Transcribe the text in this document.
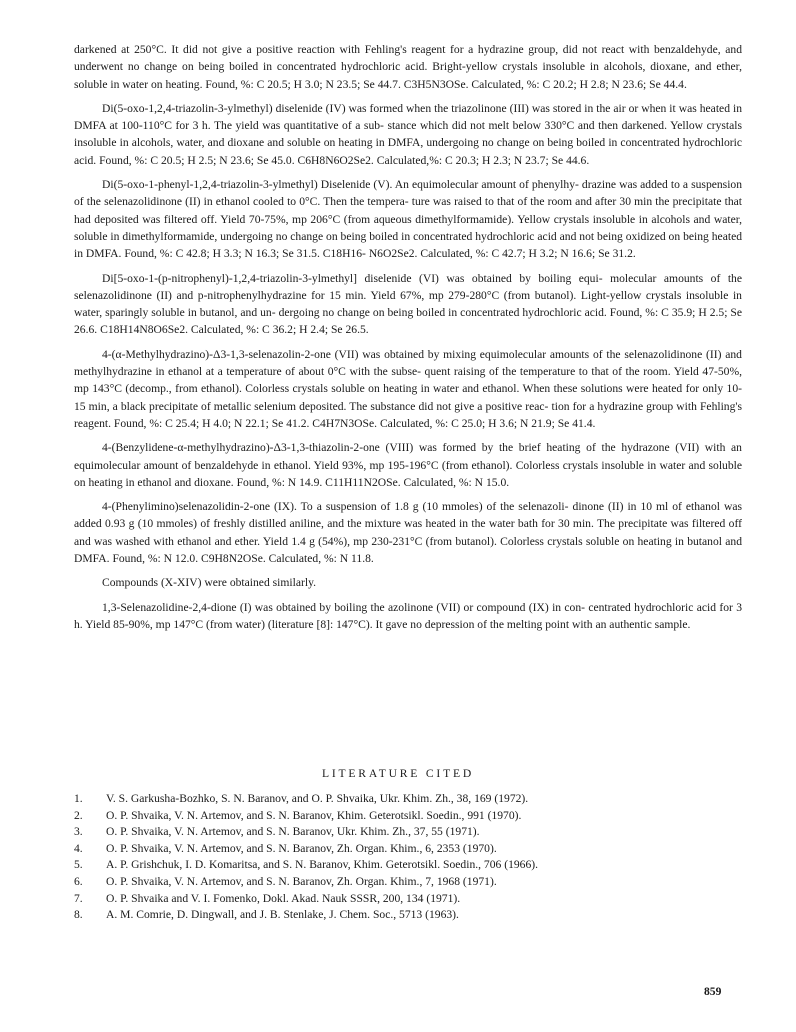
darkened at 250°C. It did not give a positive reaction with Fehling's reagent for a hydrazine group, did not react with benzaldehyde, and underwent no change on being boiled in concentrated hydrochloric acid. Bright-yellow crystals insoluble in alcohols, dioxane, and ether, soluble in water on heating. Found, %: C 20.5; H 3.0; N 23.5; Se 44.7. C3H5N3OSe. Calculated, %: C 20.2; H 2.8; N 23.6; Se 44.4.

Di(5-oxo-1,2,4-triazolin-3-ylmethyl) diselenide (IV) was formed when the triazolinone (III) was stored in the air or when it was heated in DMFA at 100-110°C for 3 h. The yield was quantitative of a sub- stance which did not melt below 330°C and then darkened. Yellow crystals insoluble in alcohols, water, and dioxane and soluble on heating in DMFA, undergoing no change on being boiled in concentrated hydrochloric acid. Found, %: C 20.5; H 2.5; N 23.6; Se 45.0. C6H8N6O2Se2. Calculated,%: C 20.3; H 2.3; N 23.7; Se 44.6.

Di(5-oxo-1-phenyl-1,2,4-triazolin-3-ylmethyl) Diselenide (V). An equimolecular amount of phenylhy- drazine was added to a suspension of the selenazolidinone (II) in ethanol cooled to 0°C. Then the tempera- ture was raised to that of the room and after 30 min the precipitate that had deposited was filtered off. Yield 70-75%, mp 206°C (from aqueous dimethylformamide). Yellow crystals insoluble in alcohols and water, soluble in dimethylformamide, undergoing no change on being boiled in concentrated hydrochloric acid and not being oxidized on being heated in DMFA. Found, %: C 42.8; H 3.3; N 16.3; Se 31.5. C18H16- N6O2Se2. Calculated, %: C 42.7; H 3.2; N 16.6; Se 31.2.

Di[5-oxo-1-(p-nitrophenyl)-1,2,4-triazolin-3-ylmethyl] diselenide (VI) was obtained by boiling equi- molecular amounts of the selenazolidinone (II) and p-nitrophenylhydrazine for 15 min. Yield 67%, mp 279-280°C (from butanol). Light-yellow crystals insoluble in water, sparingly soluble in butanol, and un- dergoing no change on being boiled in concentrated hydrochloric acid. Found, %: C 35.9; H 2.5; Se 26.6. C18H14N8O6Se2. Calculated, %: C 36.2; H 2.4; Se 26.5.

4-(α-Methylhydrazino)-Δ3-1,3-selenazolin-2-one (VII) was obtained by mixing equimolecular amounts of the selenazolidinone (II) and methylhydrazine in ethanol at a temperature of about 0°C with the subse- quent raising of the temperature to that of the room. Yield 47-50%, mp 143°C (decomp., from ethanol). Colorless crystals soluble on heating in water and ethanol. When these solutions were heated for only 10-15 min, a black precipitate of metallic selenium deposited. The substance did not give a positive reac- tion for a hydrazine group with Fehling's reagent. Found, %: C 25.4; H 4.0; N 22.1; Se 41.2. C4H7N3OSe. Calculated, %: C 25.0; H 3.6; N 21.9; Se 41.4.

4-(Benzylidene-α-methylhydrazino)-Δ3-1,3-thiazolin-2-one (VIII) was formed by the brief heating of the hydrazone (VII) with an equimolecular amount of benzaldehyde in ethanol. Yield 93%, mp 195-196°C (from ethanol). Colorless crystals insoluble in water and soluble on heating in ethanol and dioxane. Found, %: N 14.9. C11H11N2OSe. Calculated, %: N 15.0.

4-(Phenylimino)selenazolidin-2-one (IX). To a suspension of 1.8 g (10 mmoles) of the selenazoli- dinone (II) in 10 ml of ethanol was added 0.93 g (10 mmoles) of freshly distilled aniline, and the mixture was heated in the water bath for 30 min. The precipitate was filtered off and was washed with ethanol and ether. Yield 1.4 g (54%), mp 230-231°C (from butanol). Colorless crystals soluble on heating in butanol and DMFA. Found, %: N 12.0. C9H8N2OSe. Calculated, %: N 11.8.

Compounds (X-XIV) were obtained similarly.

1,3-Selenazolidine-2,4-dione (I) was obtained by boiling the azolinone (VII) or compound (IX) in con- centrated hydrochloric acid for 3 h. Yield 85-90%, mp 147°C (from water) (literature [8]: 147°C). It gave no depression of the melting point with an authentic sample.

LITERATURE CITED
1.	V. S. Garkusha-Bozhko, S. N. Baranov, and O. P. Shvaika, Ukr. Khim. Zh., 38, 169 (1972).
2.	O. P. Shvaika, V. N. Artemov, and S. N. Baranov, Khim. Geterotsikl. Soedin., 991 (1970).
3.	O. P. Shvaika, V. N. Artemov, and S. N. Baranov, Ukr. Khim. Zh., 37, 55 (1971).
4.	O. P. Shvaika, V. N. Artemov, and S. N. Baranov, Zh. Organ. Khim., 6, 2353 (1970).
5.	A. P. Grishchuk, I. D. Komaritsa, and S. N. Baranov, Khim. Geterotsikl. Soedin., 706 (1966).
6.	O. P. Shvaika, V. N. Artemov, and S. N. Baranov, Zh. Organ. Khim., 7, 1968 (1971).
7.	O. P. Shvaika and V. I. Fomenko, Dokl. Akad. Nauk SSSR, 200, 134 (1971).
8.	A. M. Comrie, D. Dingwall, and J. B. Stenlake, J. Chem. Soc., 5713 (1963).
859
